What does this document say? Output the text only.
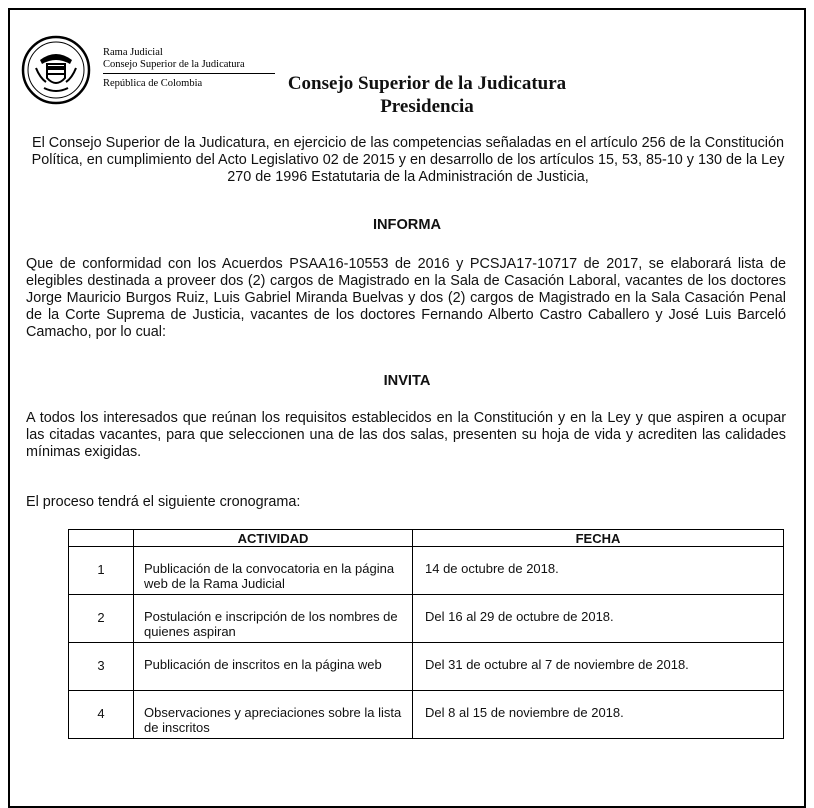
Rama Judicial
Consejo Superior de la Judicatura
República de Colombia	Consejo Superior de la Judicatura
Presidencia
El Consejo Superior de la Judicatura, en ejercicio de las competencias señaladas en el artículo 256 de la Constitución Política, en cumplimiento del Acto Legislativo 02 de 2015 y en desarrollo de los artículos 15, 53, 85-10 y 130 de la Ley 270 de 1996 Estatutaria de la Administración de Justicia,
INFORMA
Que de conformidad con los Acuerdos PSAA16-10553 de 2016 y PCSJA17-10717 de 2017, se elaborará lista de elegibles destinada a proveer dos (2) cargos de Magistrado en la Sala de Casación Laboral, vacantes de los doctores Jorge Mauricio Burgos Ruiz, Luis Gabriel Miranda Buelvas y dos (2) cargos de Magistrado en la Sala Casación Penal de la Corte Suprema de Justicia, vacantes de los doctores Fernando Alberto Castro Caballero y José Luis Barceló Camacho, por lo cual:
INVITA
A todos los interesados que reúnan los requisitos establecidos en la Constitución y en la Ley y que aspiren a ocupar las citadas vacantes, para que seleccionen una de las dos salas, presenten su hoja de vida y acrediten las calidades mínimas exigidas.
El proceso tendrá el siguiente cronograma:
	ACTIVIDAD	FECHA

1	Publicación de la convocatoria en la página web de la Rama Judicial	14 de octubre de 2018.

2	Postulación e inscripción de los nombres de quienes aspiran	Del 16 al 29 de octubre de 2018.

3	Publicación de inscritos en la página web	Del 31 de octubre al 7 de noviembre de 2018.

4	Observaciones y apreciaciones sobre la lista de inscritos	Del 8 al 15 de noviembre de 2018.
